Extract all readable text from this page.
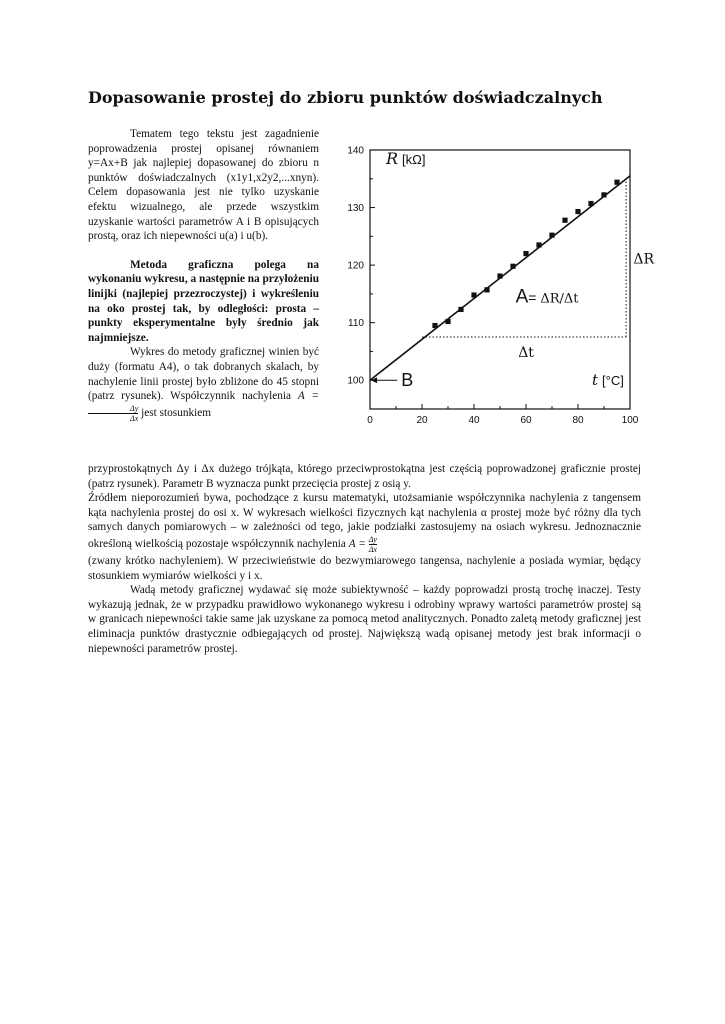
Dopasowanie prostej do zbioru punktów doświadczalnych

Tematem tego tekstu jest zagadnienie poprowadzenia prostej opisanej równaniem y=Ax+B jak najlepiej dopasowanej do zbioru n punktów doświadczalnych (x1y1,x2y2,...xnyn). Celem dopasowania jest nie tylko uzyskanie efektu wizualnego, ale przede wszystkim uzyskanie wartości parametrów A i B opisujących prostą, oraz ich niepewności u(a) i u(b).

Metoda graficzna polega na wykonaniu wykresu, a następnie na przyłożeniu linijki (najlepiej przezroczystej) i wykreśleniu na oko prostej tak, by odległości: prosta – punkty eksperymentalne były średnio jak najmniejsze.

Wykres do metody graficznej winien być duży (formatu A4), o tak dobranych skalach, by nachylenie linii prostej było zbliżone do 45 stopni (patrz rysunek). Współczynnik nachylenia A =
$\frac{\Delta y}{\Delta x}$ jest stosunkiem

0	20	40	60	80	100
100
110
120
130
140 R [kΩ]
t [°C]
ΔR
Δt
A= ΔR/Δt
B

przyprostokątnych Δy i Δx dużego trójkąta, którego przeciwprostokątna jest częścią poprowadzonej graficznie prostej (patrz rysunek). Parametr B wyznacza punkt przecięcia prostej z osią y.

Źródłem nieporozumień bywa, pochodzące z kursu matematyki, utożsamianie współczynnika nachylenia z tangensem kąta nachylenia prostej do osi x. W wykresach wielkości fizycznych kąt nachylenia α prostej może być różny dla tych samych danych pomiarowych – w zależności od tego, jakie podziałki zastosujemy na osiach wykresu. Jednoznacznie określoną wielkością pozostaje współczynnik nachylenia $A = \frac{\Delta y}{\Delta x}$

(zwany krótko nachyleniem). W przeciwieństwie do bezwymiarowego tangensa, nachylenie a posiada wymiar, będący stosunkiem wymiarów wielkości y i x.

Wadą metody graficznej wydawać się może subiektywność – każdy poprowadzi prostą trochę inaczej. Testy wykazują jednak, że w przypadku prawidłowo wykonanego wykresu i odrobiny wprawy wartości parametrów prostej są w granicach niepewności takie same jak uzyskane za pomocą metod analitycznych. Ponadto zaletą metody graficznej jest eliminacja punktów drastycznie odbiegających od prostej. Największą wadą opisanej metody jest brak informacji o niepewności parametrów prostej.
